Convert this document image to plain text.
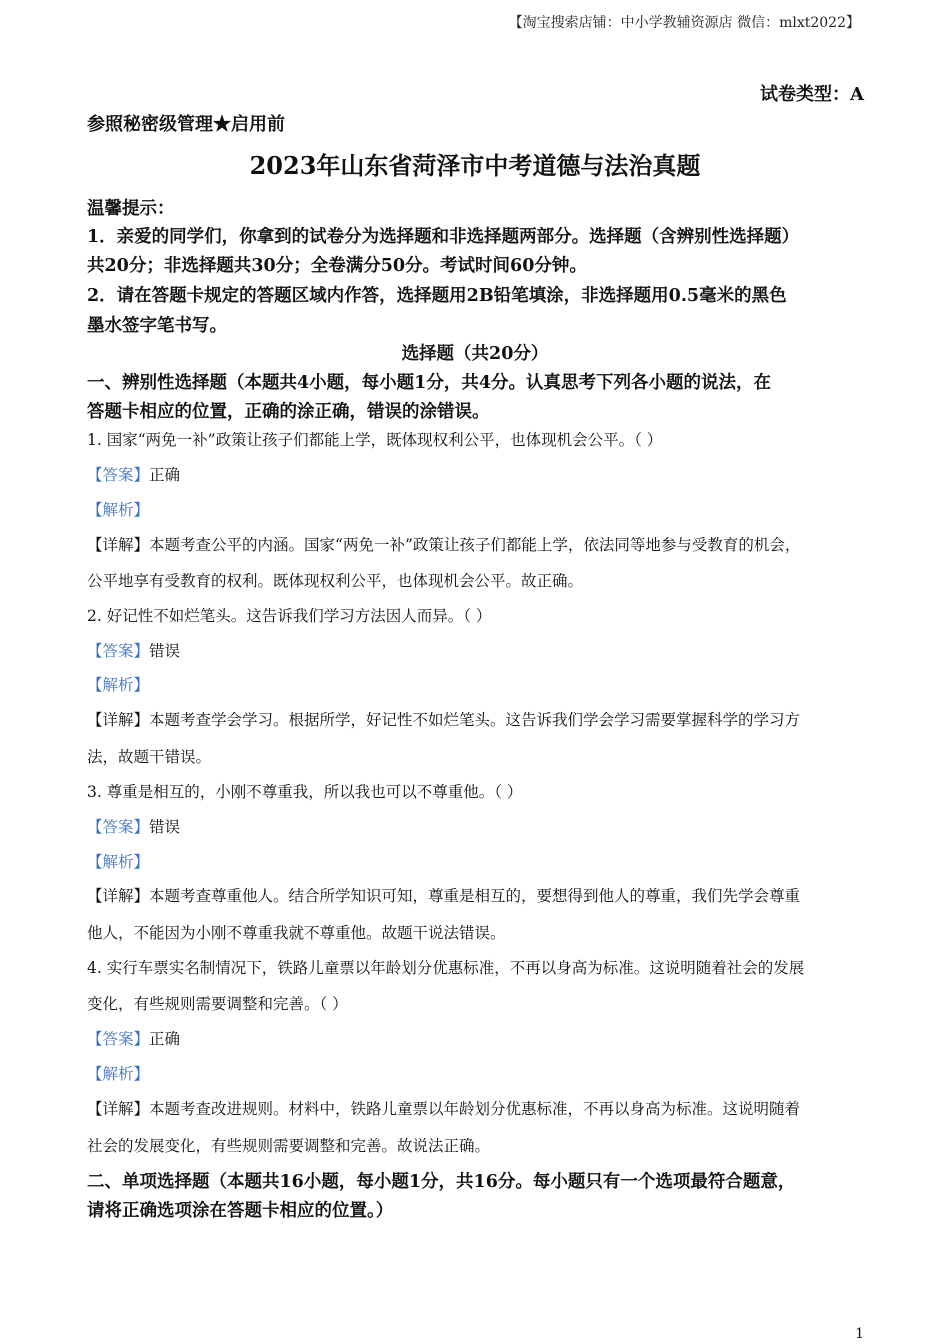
【淘宝搜索店铺：中小学教辅资源店 微信：mlxt2022】
试卷类型：A
参照秘密级管理★启用前
2023年山东省菏泽市中考道德与法治真题
温馨提示：
1．亲爱的同学们，你拿到的试卷分为选择题和非选择题两部分。选择题（含辨别性选择题）
共20分；非选择题共30分；全卷满分50分。考试时间60分钟。
2．请在答题卡规定的答题区域内作答，选择题用2B铅笔填涂，非选择题用0.5毫米的黑色
墨水签字笔书写。
选择题（共20分）
一、辨别性选择题（本题共4小题，每小题1分，共4分。认真思考下列各小题的说法，在
答题卡相应的位置，正确的涂正确，错误的涂错误。
1. 国家“两免一补”政策让孩子们都能上学，既体现权利公平，也体现机会公平。（ ）
【答案】正确
【解析】
【详解】本题考查公平的内涵。国家“两免一补”政策让孩子们都能上学，依法同等地参与受教育的机会，
公平地享有受教育的权利。既体现权利公平，也体现机会公平。故正确。
2. 好记性不如烂笔头。这告诉我们学习方法因人而异。（ ）
【答案】错误
【解析】
【详解】本题考查学会学习。根据所学，好记性不如烂笔头。这告诉我们学会学习需要掌握科学的学习方
法，故题干错误。
3. 尊重是相互的，小刚不尊重我，所以我也可以不尊重他。（ ）
【答案】错误
【解析】
【详解】本题考查尊重他人。结合所学知识可知，尊重是相互的，要想得到他人的尊重，我们先学会尊重
他人，不能因为小刚不尊重我就不尊重他。故题干说法错误。
4. 实行车票实名制情况下，铁路儿童票以年龄划分优惠标准，不再以身高为标准。这说明随着社会的发展
变化，有些规则需要调整和完善。（ ）
【答案】正确
【解析】
【详解】本题考查改进规则。材料中，铁路儿童票以年龄划分优惠标准，不再以身高为标准。这说明随着
社会的发展变化，有些规则需要调整和完善。故说法正确。
二、单项选择题（本题共16小题，每小题1分，共16分。每小题只有一个选项最符合题意，
请将正确选项涂在答题卡相应的位置。）
1
